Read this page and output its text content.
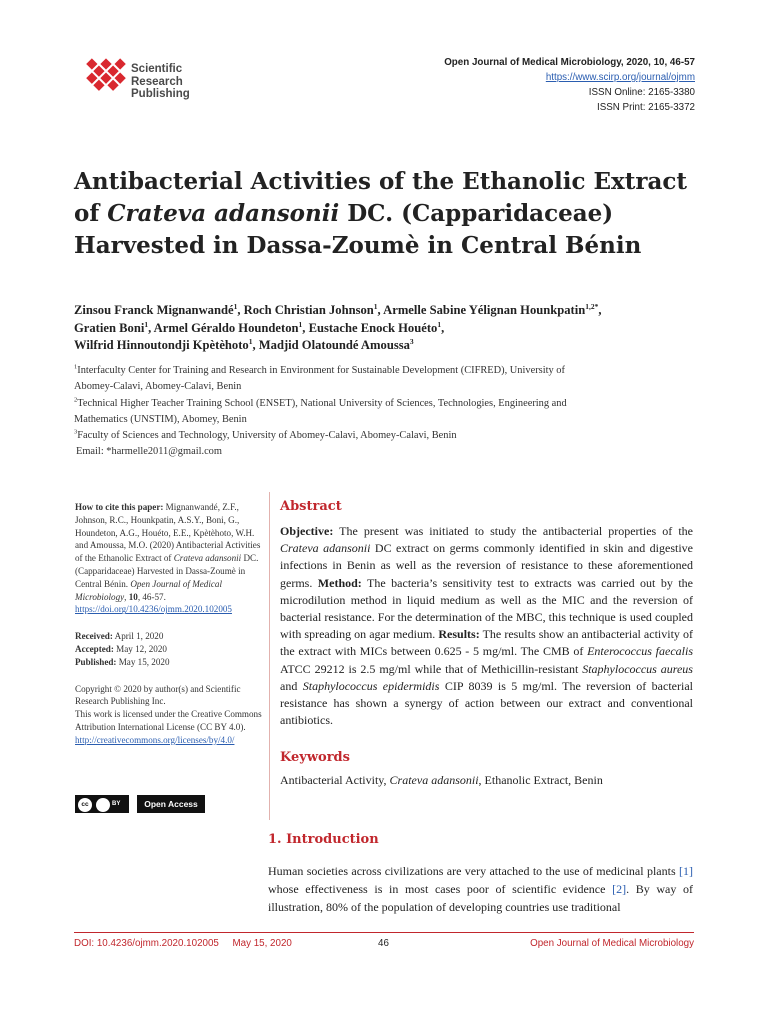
Scientific
Research
Publishing
Open Journal of Medical Microbiology, 2020, 10, 46-57
https://www.scirp.org/journal/ojmm
ISSN Online: 2165-3380
ISSN Print: 2165-3372
Antibacterial Activities of the Ethanolic Extract
of Crateva adansonii DC. (Capparidaceae)
Harvested in Dassa-Zoumè in Central Bénin
Zinsou Franck Mignanwandé$^1$, Roch Christian Johnson$^1$, Armelle Sabine Yélignan Hounkpatin$^{1,2*}$,
Gratien Boni$^1$, Armel Géraldo Houndeton$^1$, Eustache Enock Houéto$^1$,
Wilfrid Hinnoutondji Kpètèhoto$^1$, Madjid Olatoundé Amoussa$^3$
$^1$Interfaculty Center for Training and Research in Environment for Sustainable Development (CIFRED), University of
Abomey-Calavi, Abomey-Calavi, Benin
$^2$Technical Higher Teacher Training School (ENSET), National University of Sciences, Technologies, Engineering and
Mathematics (UNSTIM), Abomey, Benin
$^3$Faculty of Sciences and Technology, University of Abomey-Calavi, Abomey-Calavi, Benin
Email: *harmelle2011@gmail.com

How to cite this paper: Mignanwandé, Z.F., Johnson, R.C., Hounkpatin, A.S.Y., Boni, G., Houndeton, A.G., Houéto, E.E., Kpètèhoto, W.H. and Amoussa, M.O. (2020) Antibacterial Activities of the Ethanolic Extract of Crateva adansonii DC. (Capparidaceae) Harvested in Dassa-Zoumè in Central Bénin. Open Journal of Medical Microbiology, 10, 46-57.
https://doi.org/10.4236/ojmm.2020.102005

Received: April 1, 2020
Accepted: May 12, 2020
Published: May 15, 2020

Copyright © 2020 by author(s) and Scientific Research Publishing Inc.
This work is licensed under the Creative Commons Attribution International License (CC BY 4.0).
http://creativecommons.org/licenses/by/4.0/

cc	BY	Open Access
Abstract
Objective: The present was initiated to study the antibacterial properties of the Crateva adansonii DC extract on germs commonly identified in skin and digestive infections in Benin as well as the reversion of resistance to these aforementioned germs. Method: The bacteria’s sensitivity test to extracts was carried out by the microdilution method in liquid medium as well as the MIC and the reversion of bacterial resistance. For the determination of the MBC, this technique is used coupled with spreading on agar medium. Results: The results show an antibacterial activity of the extract with MICs between 0.625 - 5 mg/ml. The CMB of Enterococcus faecalis ATCC 29212 is 2.5 mg/ml while that of Methicillin-resistant Staphylococcus aureus and Staphylococcus epidermidis CIP 8039 is 5 mg/ml. The reversion of bacterial resistance has shown a synergy of action between our extract and conventional antibiotics.
Keywords
Antibacterial Activity, Crateva adansonii, Ethanolic Extract, Benin
1. Introduction
Human societies across civilizations are very attached to the use of medicinal plants [1] whose effectiveness is in most cases poor of scientific evidence [2]. By way of illustration, 80% of the population of developing countries use traditional
DOI: 10.4236/ojmm.2020.102005     May 15, 2020	46	Open Journal of Medical Microbiology
